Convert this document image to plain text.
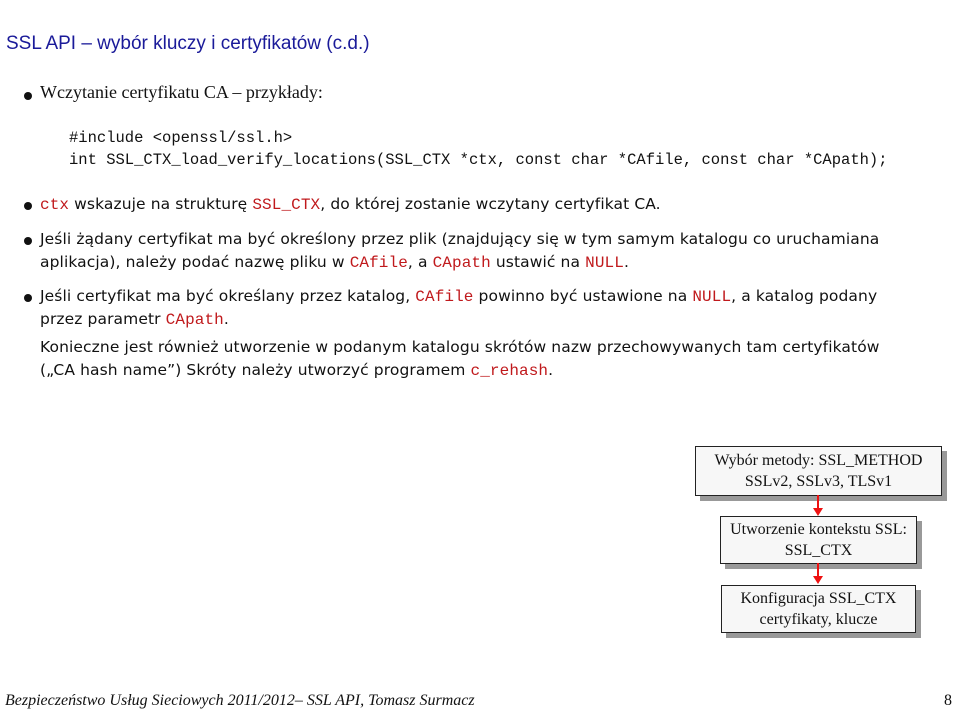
SSL API – wybór kluczy i certyfikatów (c.d.)
Wczytanie certyfikatu CA – przykłady:
#include <openssl/ssl.h>
int SSL_CTX_load_verify_locations(SSL_CTX *ctx, const char *CAfile, const char *CApath);
ctx wskazuje na strukturę SSL_CTX, do której zostanie wczytany certyfikat CA.
Jeśli żądany certyfikat ma być określony przez plik (znajdujący się w tym samym katalogu co uruchamiana
aplikacja), należy podać nazwę pliku w CAfile, a CApath ustawić na NULL.
Jeśli certyfikat ma być określany przez katalog, CAfile powinno być ustawione na NULL, a katalog podany
przez parametr CApath.
Konieczne jest również utworzenie w podanym katalogu skrótów nazw przechowywanych tam certyfikatów
(„CA hash name”) Skróty należy utworzyć programem c_rehash.
Wybór metody: SSL_METHOD
SSLv2, SSLv3, TLSv1
Utworzenie kontekstu SSL:
SSL_CTX
Konfiguracja SSL_CTX
certyfikaty, klucze
Bezpieczeństwo Usług Sieciowych 2011/2012– SSL API, Tomasz Surmacz	8
